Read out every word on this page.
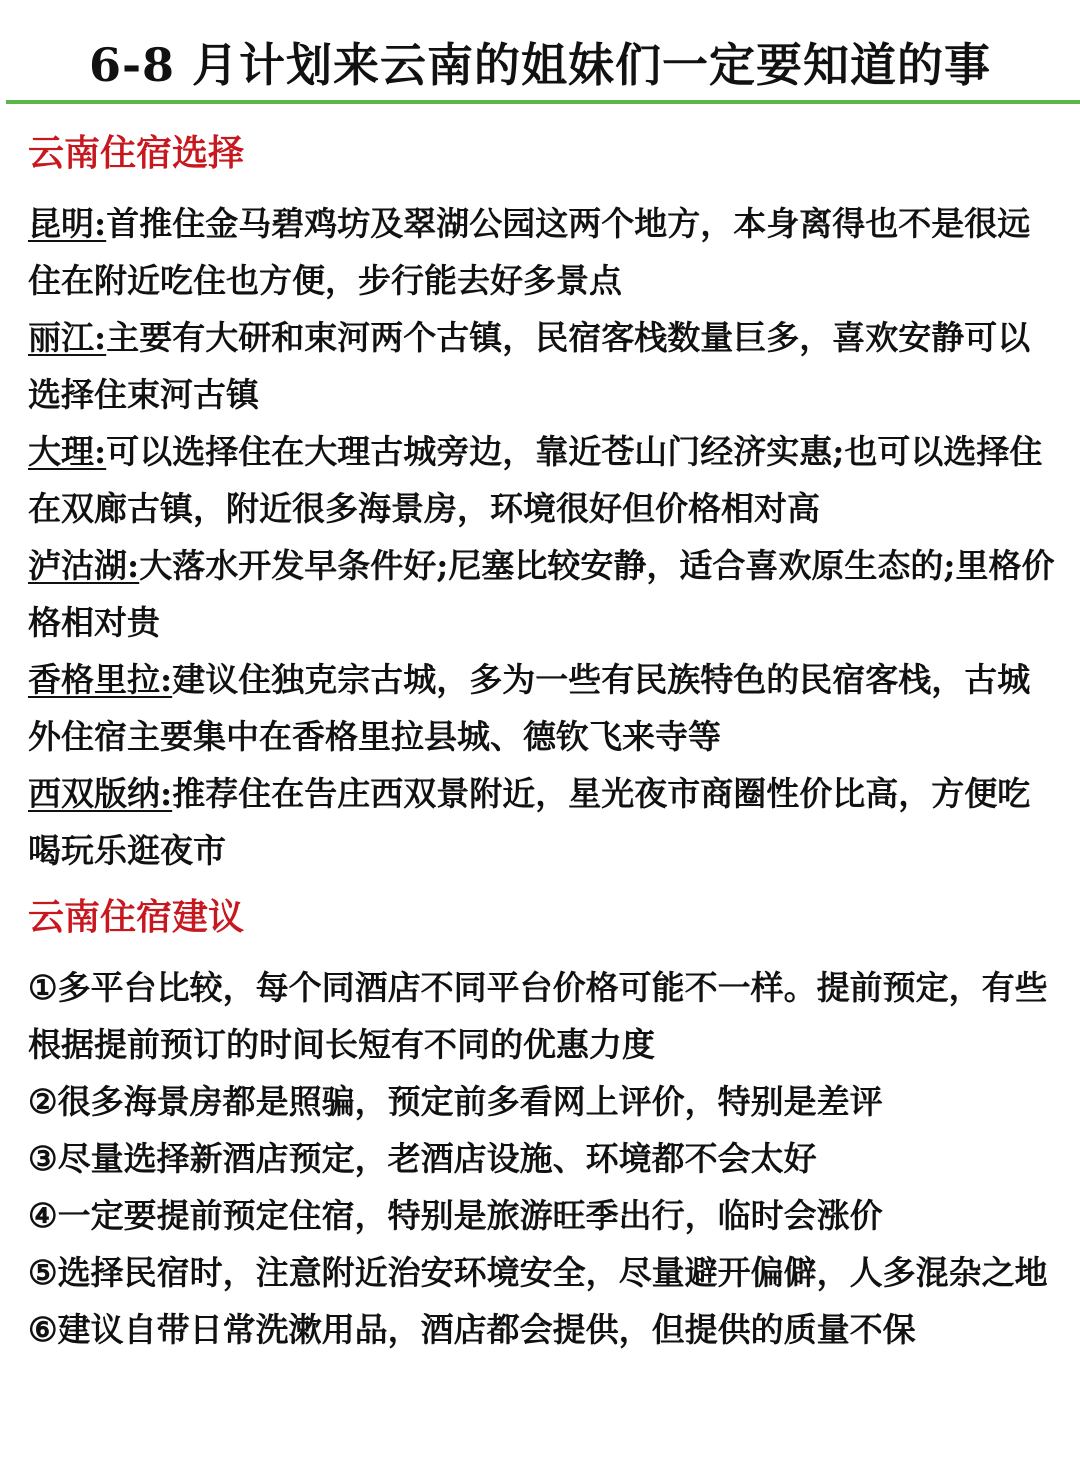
6-8 月计划来云南的姐妹们一定要知道的事
云南住宿选择

昆明:首推住金马碧鸡坊及翠湖公园这两个地方，本身离得也不是很远住在附近吃住也方便，步行能去好多景点

丽江:主要有大研和束河两个古镇，民宿客栈数量巨多，喜欢安静可以选择住束河古镇

大理:可以选择住在大理古城旁边，靠近苍山门经济实惠;也可以选择住在双廊古镇，附近很多海景房，环境很好但价格相对高

泸沽湖:大落水开发早条件好;尼塞比较安静，适合喜欢原生态的;里格价格相对贵

香格里拉:建议住独克宗古城，多为一些有民族特色的民宿客栈，古城外住宿主要集中在香格里拉县城、德钦飞来寺等

西双版纳:推荐住在告庄西双景附近，星光夜市商圈性价比高，方便吃喝玩乐逛夜市

云南住宿建议

①多平台比较，每个同酒店不同平台价格可能不一样。提前预定，有些根据提前预订的时间长短有不同的优惠力度

②很多海景房都是照骗，预定前多看网上评价，特别是差评

③尽量选择新酒店预定，老酒店设施、环境都不会太好

④一定要提前预定住宿，特别是旅游旺季出行，临时会涨价

⑤选择民宿时，注意附近治安环境安全，尽量避开偏僻，人多混杂之地

⑥建议自带日常洗漱用品，酒店都会提供，但提供的质量不保
